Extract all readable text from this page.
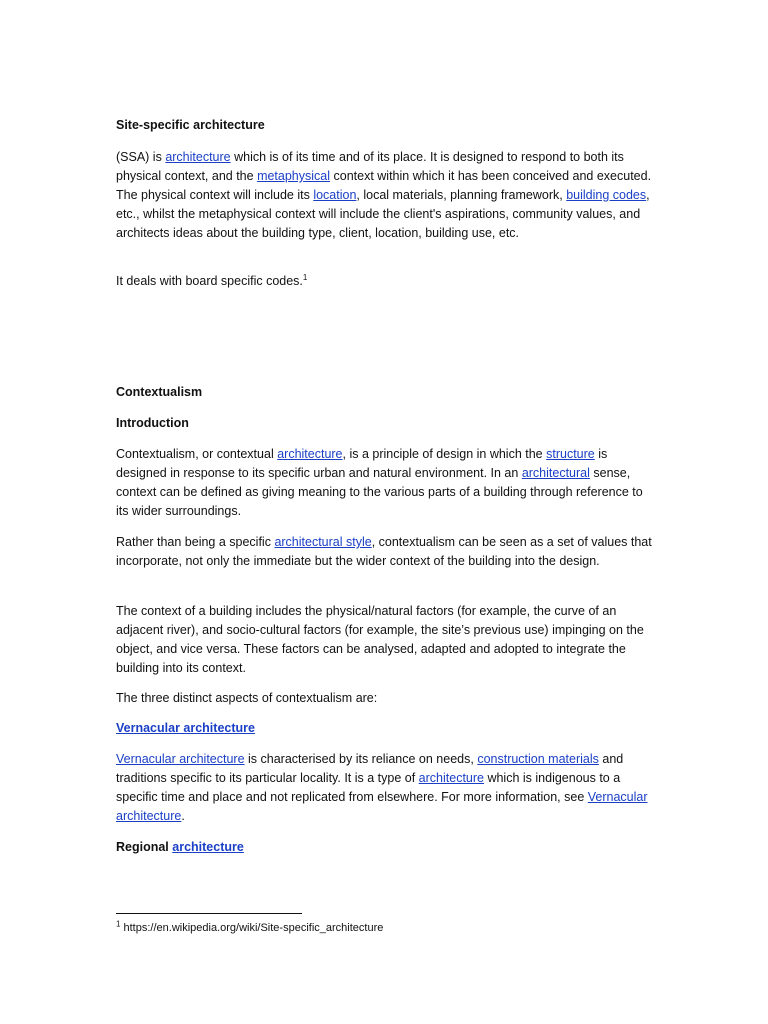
Site-specific architecture

(SSA) is architecture which is of its time and of its place. It is designed to respond to both its physical context, and the metaphysical context within which it has been conceived and executed. The physical context will include its location, local materials, planning framework, building codes, etc., whilst the metaphysical context will include the client's aspirations, community values, and architects ideas about the building type, client, location, building use, etc.

It deals with board specific codes.$^1$

Contextualism

Introduction

Contextualism, or contextual architecture, is a principle of design in which the structure is designed in response to its specific urban and natural environment. In an architectural sense, context can be defined as giving meaning to the various parts of a building through reference to its wider surroundings.

Rather than being a specific architectural style, contextualism can be seen as a set of values that incorporate, not only the immediate but the wider context of the building into the design.

The context of a building includes the physical/natural factors (for example, the curve of an adjacent river), and socio-cultural factors (for example, the site’s previous use) impinging on the object, and vice versa. These factors can be analysed, adapted and adopted to integrate the building into its context.

The three distinct aspects of contextualism are:

Vernacular architecture

Vernacular architecture is characterised by its reliance on needs, construction materials and traditions specific to its particular locality. It is a type of architecture which is indigenous to a specific time and place and not replicated from elsewhere. For more information, see Vernacular architecture.

Regional architecture

$^1$ https://en.wikipedia.org/wiki/Site-specific_architecture
